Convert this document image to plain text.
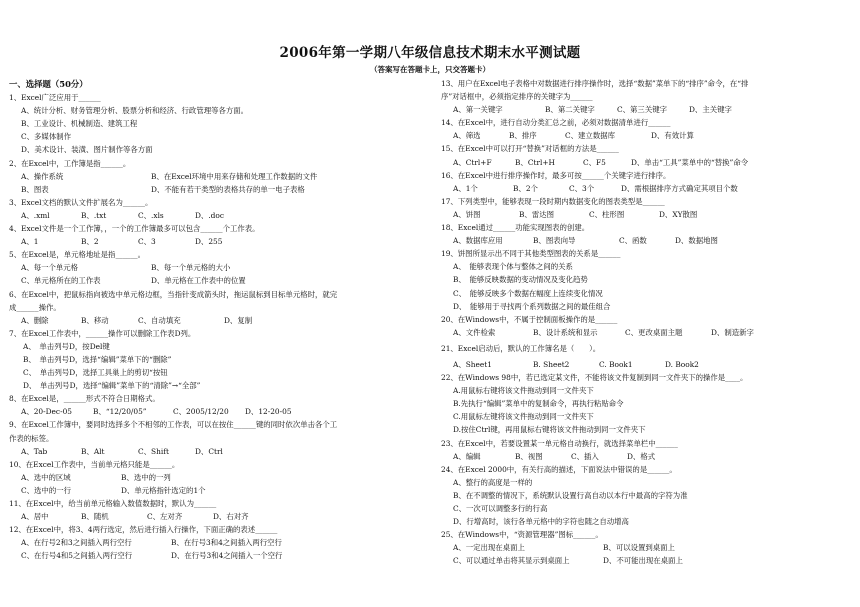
2006年第一学期八年级信息技术期末水平测试题
（答案写在答题卡上，只交答题卡）
一、选择题（50分）
1、Excel广泛应用于______
A、统计分析、财务管理分析、股票分析和经济、行政管理等各方面。
B、工业设计、机械制造、建筑工程
C、多媒体制作
D、美术设计、装潢、图片制作等各方面
2、在Excel中，工作簿是指______。
A、操作系统	B、在Excel环境中用来存储和处理工作数据的文件
B、图表	D、不能有若干类型的表格共存的单一电子表格
3、Excel文档的默认文件扩展名为______。
A、.xml	B、.txt	C、.xls	D、.doc
4、Excel文件是一个工作簿，，一个的工作簿最多可以包含______个工作表。
A、1	B、2	C、3	D、255
5、在Excel是，单元格地址是指______。
A、每一个单元格	B、每一个单元格的大小
C、单元格所在的工作表	D、单元格在工作表中的位置
6、在Excel中，把鼠标指向被选中单元格边框，当指针变成箭头时，拖运鼠标到目标单元格时，就完
成______操作。
A、删除	B、移动	C、自动填充	D、复制
7、在Excel工作表中，______操作可以删除工作表D列。
A、　单击列号D，按Del键
B、　单击列号D，选择“编辑”菜单下的“删除”
C、　单击列号D，选择工具巢上的剪切“按钮
D、　单击列号D，选择“编辑”菜单下的“清除”→“全部”
8、在Excel是，______形式不符合日期格式。
A、20-Dec-05	B、“12/20/05”	C、2005/12/20	D、12-20-05
9、在Excel工作簿中，要同时选择多个不相邻的工作表，可以在按住______键的同时依次单击各个工
作表的标签。
A、Tab	B、Alt	C、Shift	D、Ctrl
10、在Excel工作表中，当前单元格只能是______。
A、选中的区域	B、选中的一列
C、选中的一行	D、单元格指针选定的1个
11、在Excel中，给当前单元格输入数值数据时，默认为______
A、居中	B、随机	C、左对齐	D、右对齐
12、在Excel中，将3、4两行选定，然后进行插入行操作，下面正确的表述______
A、在行号2和3之间插入两行空行	B、在行号3和4之间插入两行空行
C、在行号4和5之间插入两行空行	D、在行号3和4之间插入一个空行
13、用户在Excel电子表格中对数据进行排序操作时，选择“数据”菜单下的“排序”命令，在“排
序”对话框中，必须指定排序的关键字为______
A、第一关键字	B、第二关键字	C、第三关键字	D、主关键字
14、在Excel中，进行自动分类汇总之前，必须对数据清单进行______
A、筛选	B、排序	C、建立数据库	D、有效计算
15、在Excel中可以打开“替换”对话框的方法是______
A、Ctrl+F	B、Ctrl+H	C、F5	D、单击“工具”菜单中的“替换”命令
16、在Excel中进行排序操作时，最多可按______个关键字进行排序。
A、1个	B、2个	C、3个	D、需根据排序方式确定其项目个数
17、下列类型中，能够表现一段时期内数据变化的图表类型是______
A、饼图	B、雷达图	C、柱形图	D、XY散图
18、Excel通过______功能实现图表的创建。
A、数据库应用	B、图表向导	C、函数	D、数据地图
19、饼图所显示出不同于其他类型图表的关系是______
A、　能够表现个体与整体之间的关系
B、　能够反映数据的变动情况及变化趋势
C、　能够反映多个数据在幅度上连续变化情况
D、　能够用于寻找两个系列数据之间的最佳组合
20、在Windows中，不属于控制面板操作的是______
A、文件检索	B、设计系统和显示	C、更改桌面主题	D、制造新字
21、Excel启动后，默认的工作簿名是（　　）。
A、Sheet1	B. Sheet2	C. Book1	D. Book2
22、在Windows 98中，若已选定某文件，不能将该文件复制到同一文件夹下的操作是____。
A.用鼠标右键将该文件拖动到同一文件夹下
B.先执行“编辑”菜单中的复制命令，再执行粘贴命令
C.用鼠标左键将该文件拖动到同一文件夹下
D.按住Ctrl键，再用鼠标右键将该文件拖动到同一文件夹下
23、在Excel中，若要设置某一单元格自动换行，就选择菜单栏中______
A、编辑	B、视图	C、插入	D、格式
24、在Excel 2000中，有关行高的描述，下面说法中错误的是______。
A、整行的高度是一样的
B、在不调整的情况下，系统默认设置行高自动以本行中最高的字符为准
C、一次可以调整多行的行高
D、行增高时，该行各单元格中的字符也随之自动增高
25、在Windows中，“资源管理器”图标______。
A、一定出现在桌面上	B、可以设置到桌面上
C、可以通过单击将其显示到桌面上	D、不可能出现在桌面上
